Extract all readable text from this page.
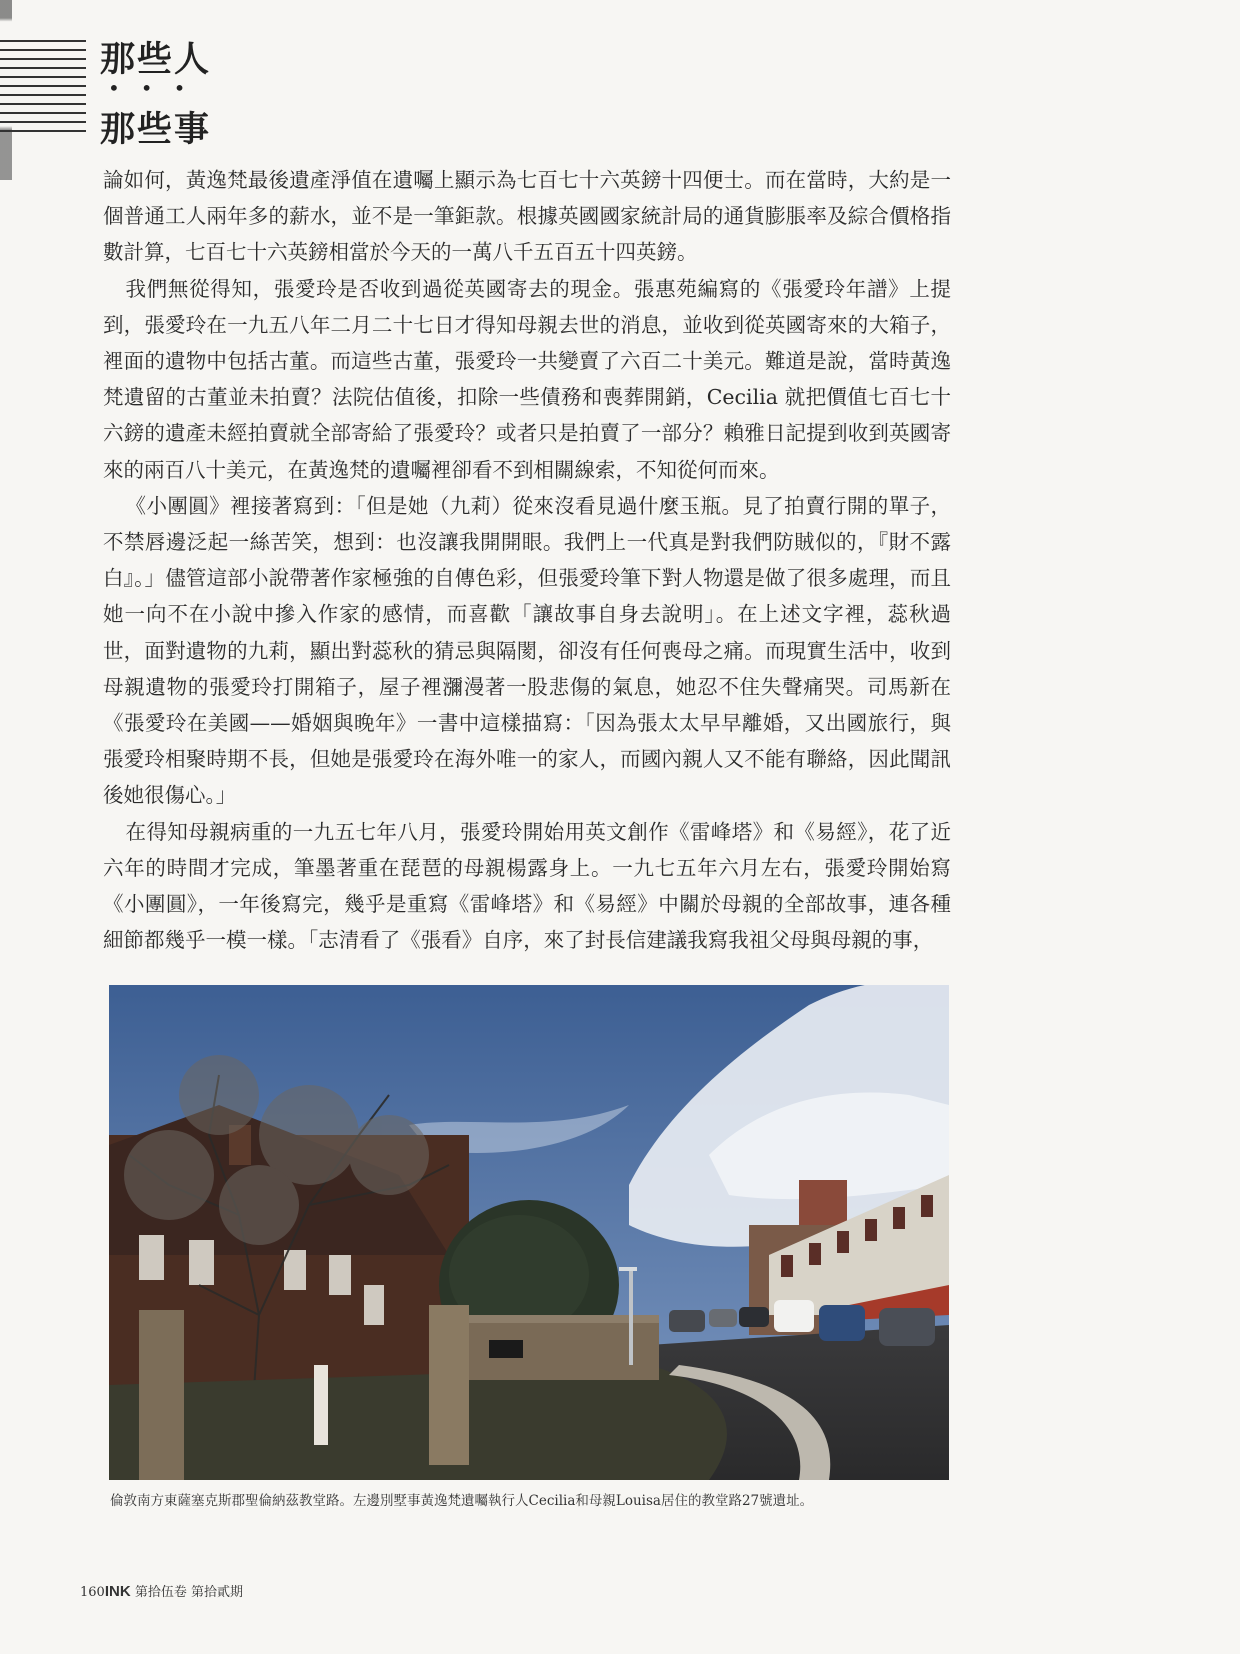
那些人
•••
那些事

論如何，黃逸梵最後遺產淨值在遺囑上顯示為七百七十六英鎊十四便士。而在當時，大約是一個普通工人兩年多的薪水，並不是一筆鉅款。根據英國國家統計局的通貨膨脹率及綜合價格指數計算，七百七十六英鎊相當於今天的一萬八千五百五十四英鎊。

我們無從得知，張愛玲是否收到過從英國寄去的現金。張惠苑編寫的《張愛玲年譜》上提到，張愛玲在一九五八年二月二十七日才得知母親去世的消息，並收到從英國寄來的大箱子，裡面的遺物中包括古董。而這些古董，張愛玲一共變賣了六百二十美元。難道是說，當時黃逸梵遺留的古董並未拍賣？法院估值後，扣除一些債務和喪葬開銷，Cecilia 就把價值七百七十六鎊的遺產未經拍賣就全部寄給了張愛玲？或者只是拍賣了一部分？賴雅日記提到收到英國寄來的兩百八十美元，在黃逸梵的遺囑裡卻看不到相關線索，不知從何而來。

《小團圓》裡接著寫到：「但是她（九莉）從來沒看見過什麼玉瓶。見了拍賣行開的單子，不禁唇邊泛起一絲苦笑，想到：也沒讓我開開眼。我們上一代真是對我們防賊似的，『財不露白』。」儘管這部小說帶著作家極強的自傳色彩，但張愛玲筆下對人物還是做了很多處理，而且她一向不在小說中摻入作家的感情，而喜歡「讓故事自身去說明」。在上述文字裡，蕊秋過世，面對遺物的九莉，顯出對蕊秋的猜忌與隔閡，卻沒有任何喪母之痛。而現實生活中，收到母親遺物的張愛玲打開箱子，屋子裡瀰漫著一股悲傷的氣息，她忍不住失聲痛哭。司馬新在《張愛玲在美國——婚姻與晚年》一書中這樣描寫：「因為張太太早早離婚，又出國旅行，與張愛玲相聚時期不長，但她是張愛玲在海外唯一的家人，而國內親人又不能有聯絡，因此聞訊後她很傷心。」

在得知母親病重的一九五七年八月，張愛玲開始用英文創作《雷峰塔》和《易經》，花了近六年的時間才完成，筆墨著重在琵琶的母親楊露身上。一九七五年六月左右，張愛玲開始寫《小團圓》，一年後寫完，幾乎是重寫《雷峰塔》和《易經》中關於母親的全部故事，連各種細節都幾乎一模一樣。「志清看了《張看》自序，來了封長信建議我寫我祖父母與母親的事，

倫敦南方東薩塞克斯郡聖倫納茲教堂路。左邊別墅事黃逸梵遺囑執行人Cecilia和母親Louisa居住的教堂路27號遺址。
160INK 第拾伍卷 第拾貳期
